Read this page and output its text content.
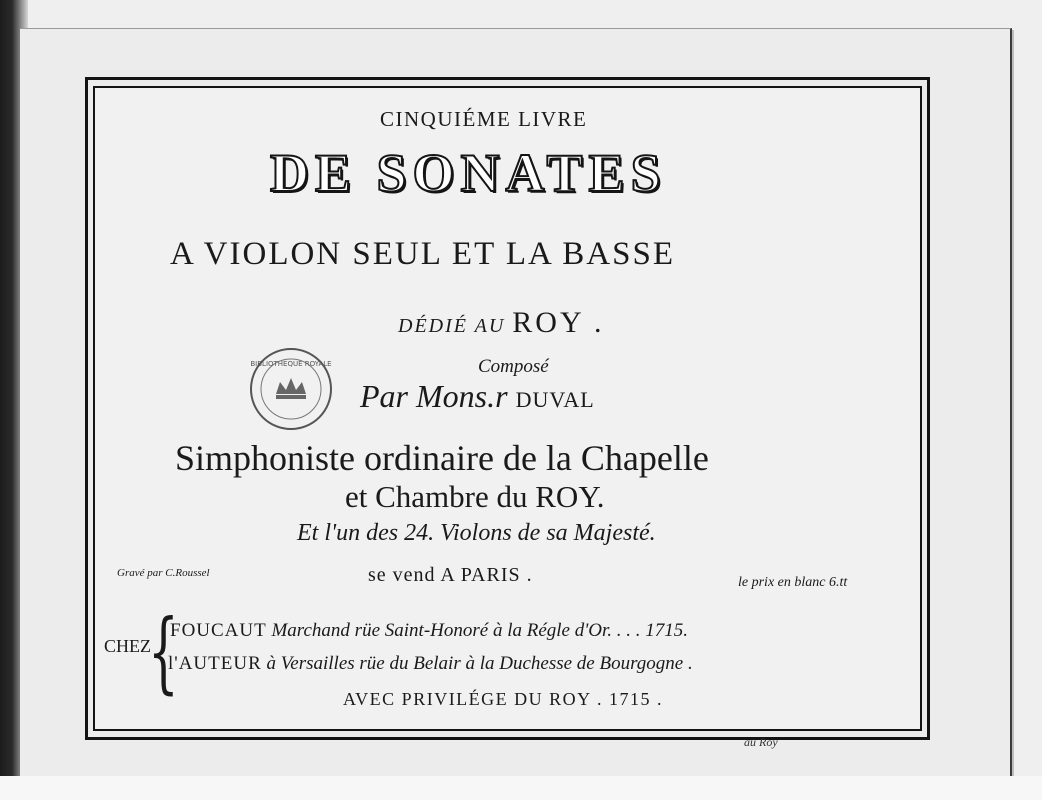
CINQUIÉME LIVRE
DE SONATES
A VIOLON SEUL ET LA BASSE
DÉDIÉ AU ROY .
BIBLIOTHEQUE ROYALE	Composé
Par Mons.r DUVAL
Simphoniste ordinaire de la Chapelle
et Chambre du ROY.
Et l'un des 24. Violons de sa Majesté.
Gravé par C.Roussel	se vend A PARIS .	le prix en blanc 6.tt
CHEZ
{
FOUCAUT Marchand rüe Saint-Honoré à la Régle d'Or. . . . 1715.
l'AUTEUR à Versailles rüe du Belair à la Duchesse de Bourgogne .
AVEC PRIVILÉGE DU ROY . 1715 .
au Roy
